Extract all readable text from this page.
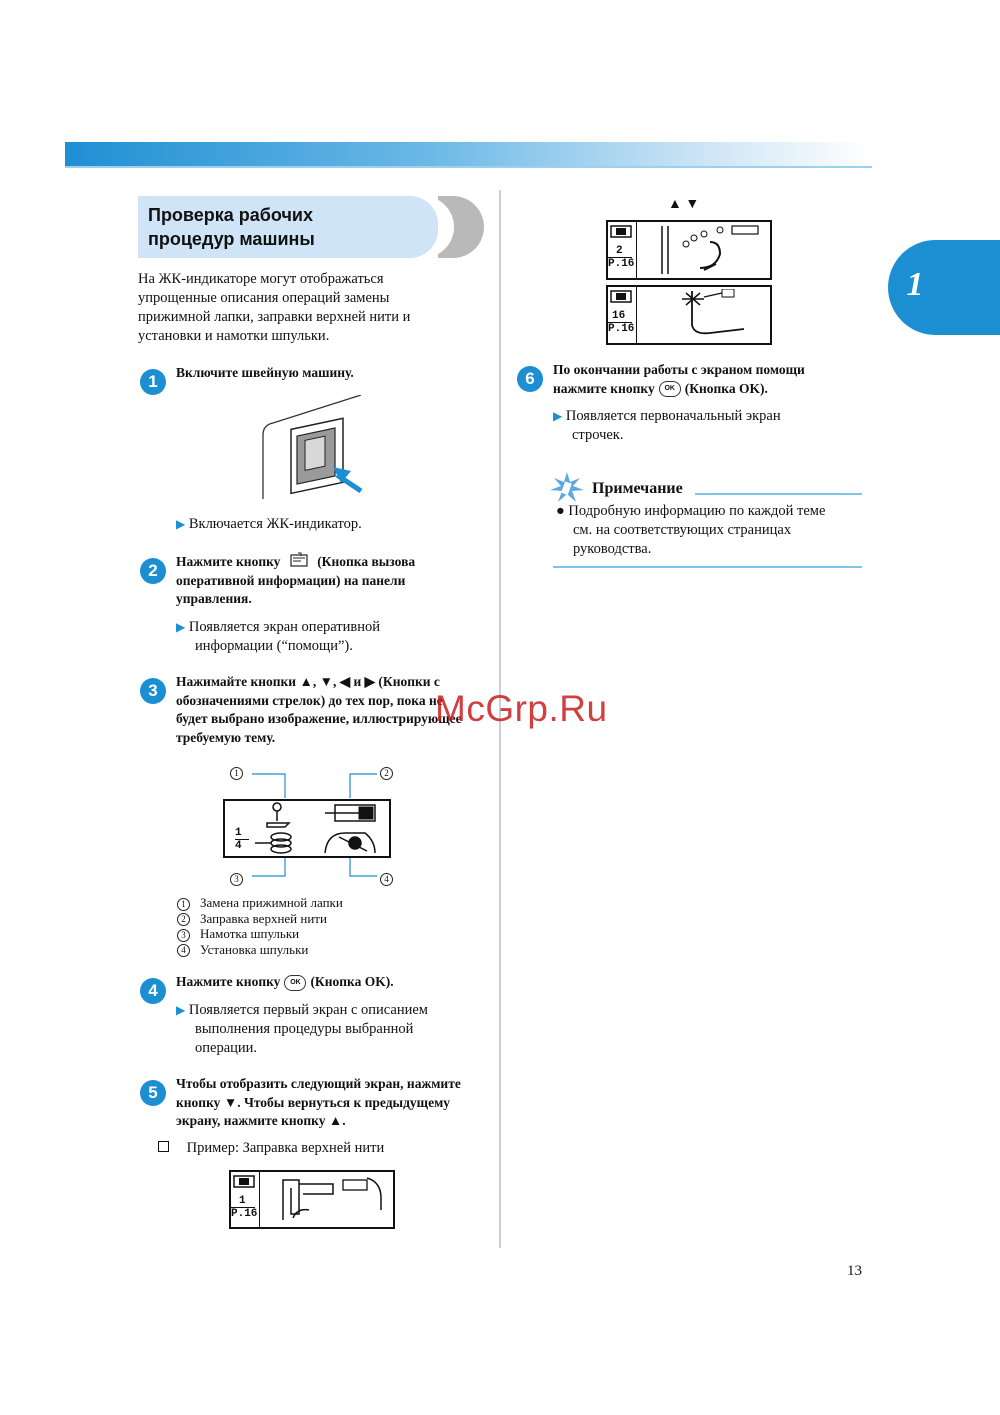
1
Проверка рабочих
процедур машины
На ЖК-индикаторе могут отображаться
упрощенные описания операций замены
прижимной лапки, заправки верхней нити и
установки и намотки шпульки.
1	Включите швейную машину.
▶ Включается ЖК-индикатор.
2	Нажмите кнопку	(Кнопка вызова
оперативной информации) на панели
управления.
▶ Появляется экран оперативной
информации (“помощи”).
3	Нажимайте кнопки ▲, ▼, ◀ и ▶ (Кнопки с
обозначениями стрелок) до тех пор, пока не
будет выбрано изображение, иллюстрирующее
требуемую тему.
1	2
1
4
3	4
1 Замена прижимной лапки
2 Заправка верхней нити
3 Намотка шпульки
4 Установка шпульки
4	Нажмите кнопку OK (Кнопка OK).
▶ Появляется первый экран с описанием
выполнения процедуры выбранной
операции.
5	Чтобы отобразить следующий экран, нажмите
кнопку ▼. Чтобы вернуться к предыдущему
экрану, нажмите кнопку ▲.
Пример: Заправка верхней нити
1
P.16
▲ ▼
2
P.16
16
P.16
6	По окончании работы с экраном помощи
нажмите кнопку OK (Кнопка OK).
▶ Появляется первоначальный экран
строчек.
Примечание
● Подробную информацию по каждой теме
см. на соответствующих страницах
руководства.
McGrp.Ru
13
